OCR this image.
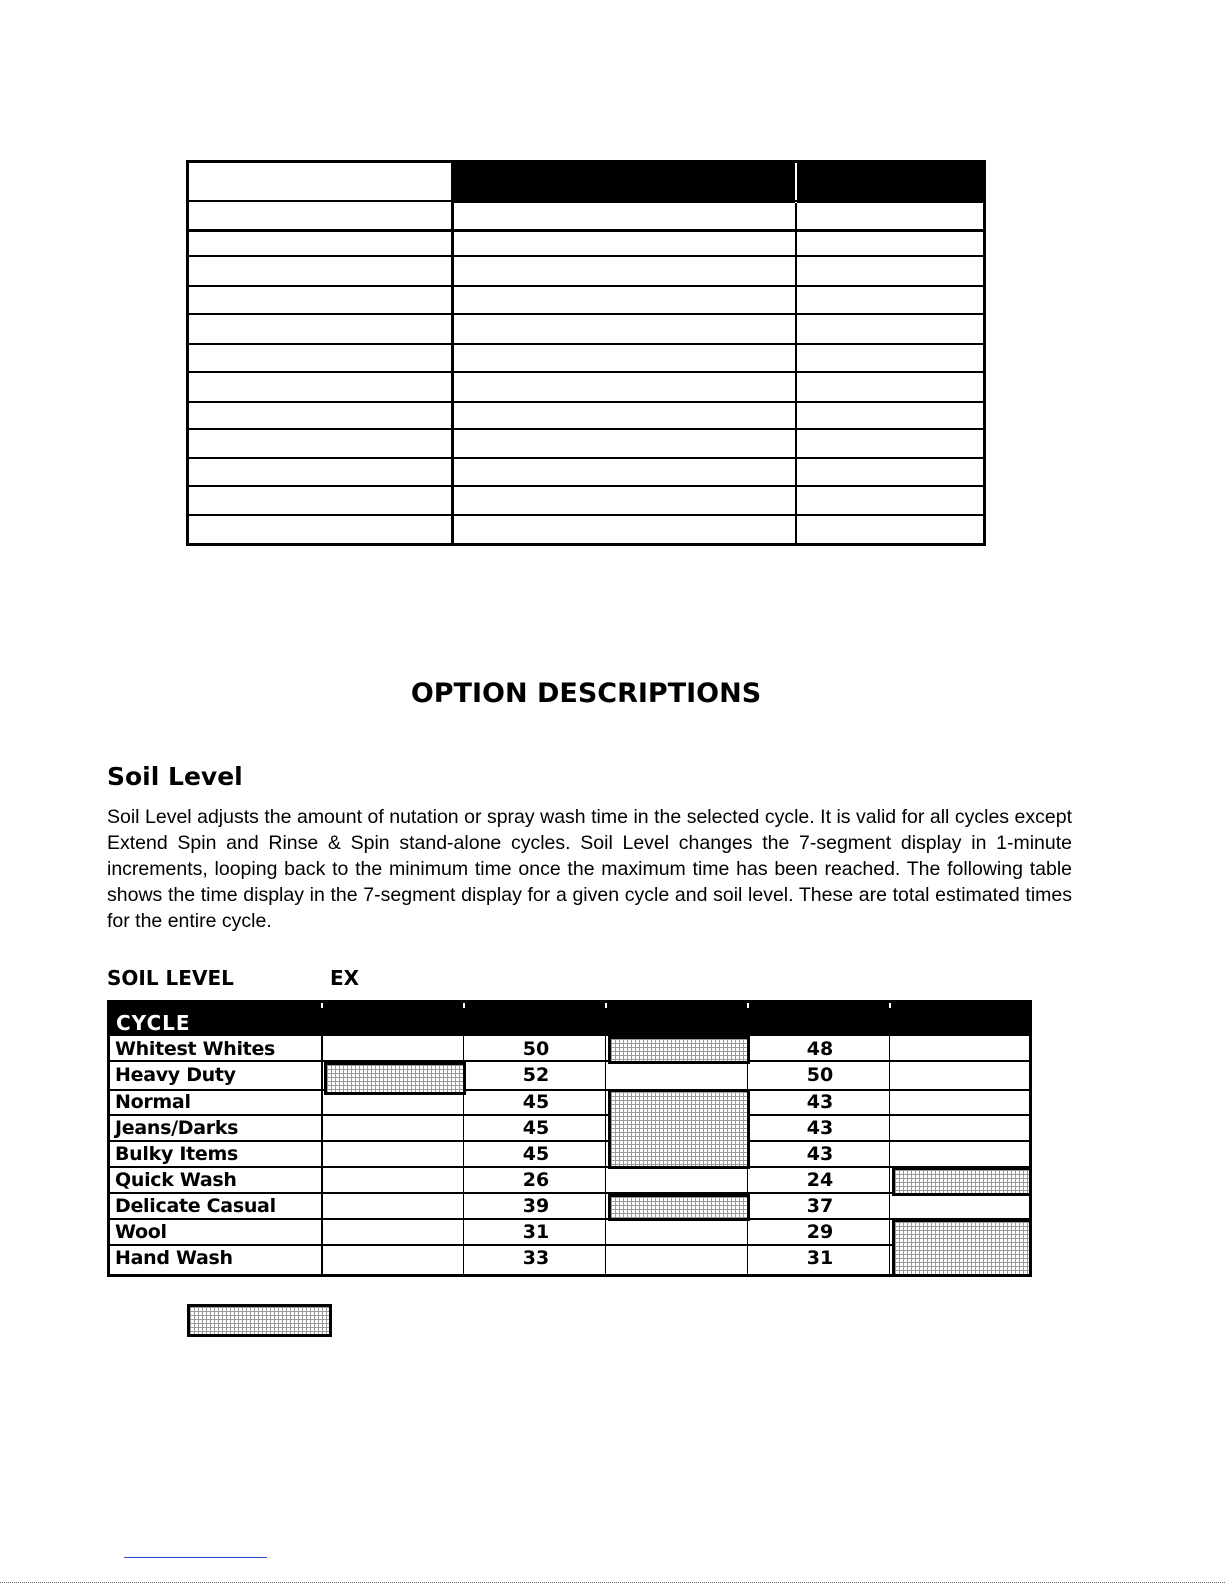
OPTION DESCRIPTIONS
Soil Level

Soil Level adjusts the amount of nutation or spray wash time in the selected cycle. It is valid for all cycles except Extend Spin and Rinse & Spin stand-alone cycles. Soil Level changes the 7-segment display in 1-minute increments, looping back to the minimum time once the maximum time has been reached. The following table shows the time display in the 7-segment display for a given cycle and soil level. These are total estimated times for the entire cycle.

SOIL LEVEL	EX
CYCLE
Whitest Whites	50	48
Heavy Duty	52	50
Normal	45	43
Jeans/Darks	45	43
Bulky Items	45	43
Quick Wash	26	24
Delicate Casual	39	37
Wool	31	29
Hand Wash	33	31
